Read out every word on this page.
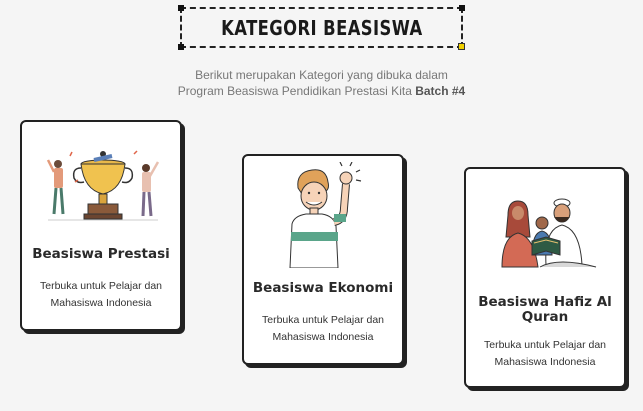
KATEGORI BEASISWA
Berikut merupakan Kategori yang dibuka dalam
Program Beasiswa Pendidikan Prestasi Kita Batch #4
Beasiswa Prestasi
Terbuka untuk Pelajar dan
Mahasiswa Indonesia
Beasiswa Ekonomi
Terbuka untuk Pelajar dan
Mahasiswa Indonesia
Beasiswa Hafiz Al Quran
Terbuka untuk Pelajar dan
Mahasiswa Indonesia
